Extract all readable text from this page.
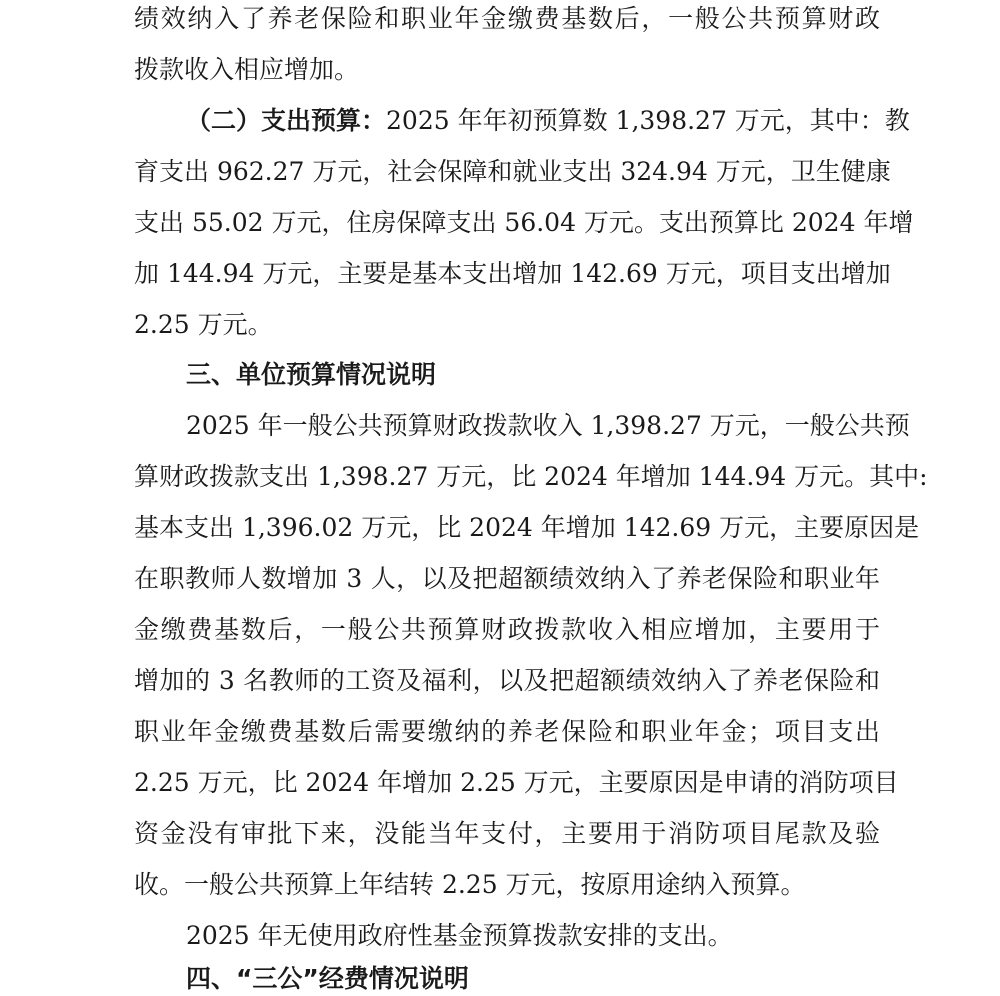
绩效纳入了养老保险和职业年金缴费基数后，一般公共预算财政
拨款收入相应增加。
（二）支出预算：2025 年年初预算数 1,398.27 万元，其中：教
育支出 962.27 万元，社会保障和就业支出 324.94 万元，卫生健康
支出 55.02 万元，住房保障支出 56.04 万元。支出预算比 2024 年增
加 144.94 万元，主要是基本支出增加 142.69 万元，项目支出增加
2.25 万元。
三、单位预算情况说明
2025 年一般公共预算财政拨款收入 1,398.27 万元，一般公共预
算财政拨款支出 1,398.27 万元，比 2024 年增加 144.94 万元。其中:
基本支出 1,396.02 万元，比 2024 年增加 142.69 万元，主要原因是
在职教师人数增加 3 人，以及把超额绩效纳入了养老保险和职业年
金缴费基数后，一般公共预算财政拨款收入相应增加，主要用于
增加的 3 名教师的工资及福利，以及把超额绩效纳入了养老保险和
职业年金缴费基数后需要缴纳的养老保险和职业年金；项目支出
2.25 万元，比 2024 年增加 2.25 万元，主要原因是申请的消防项目
资金没有审批下来，没能当年支付，主要用于消防项目尾款及验
收。一般公共预算上年结转 2.25 万元，按原用途纳入预算。
2025 年无使用政府性基金预算拨款安排的支出。
四、“三公”经费情况说明
